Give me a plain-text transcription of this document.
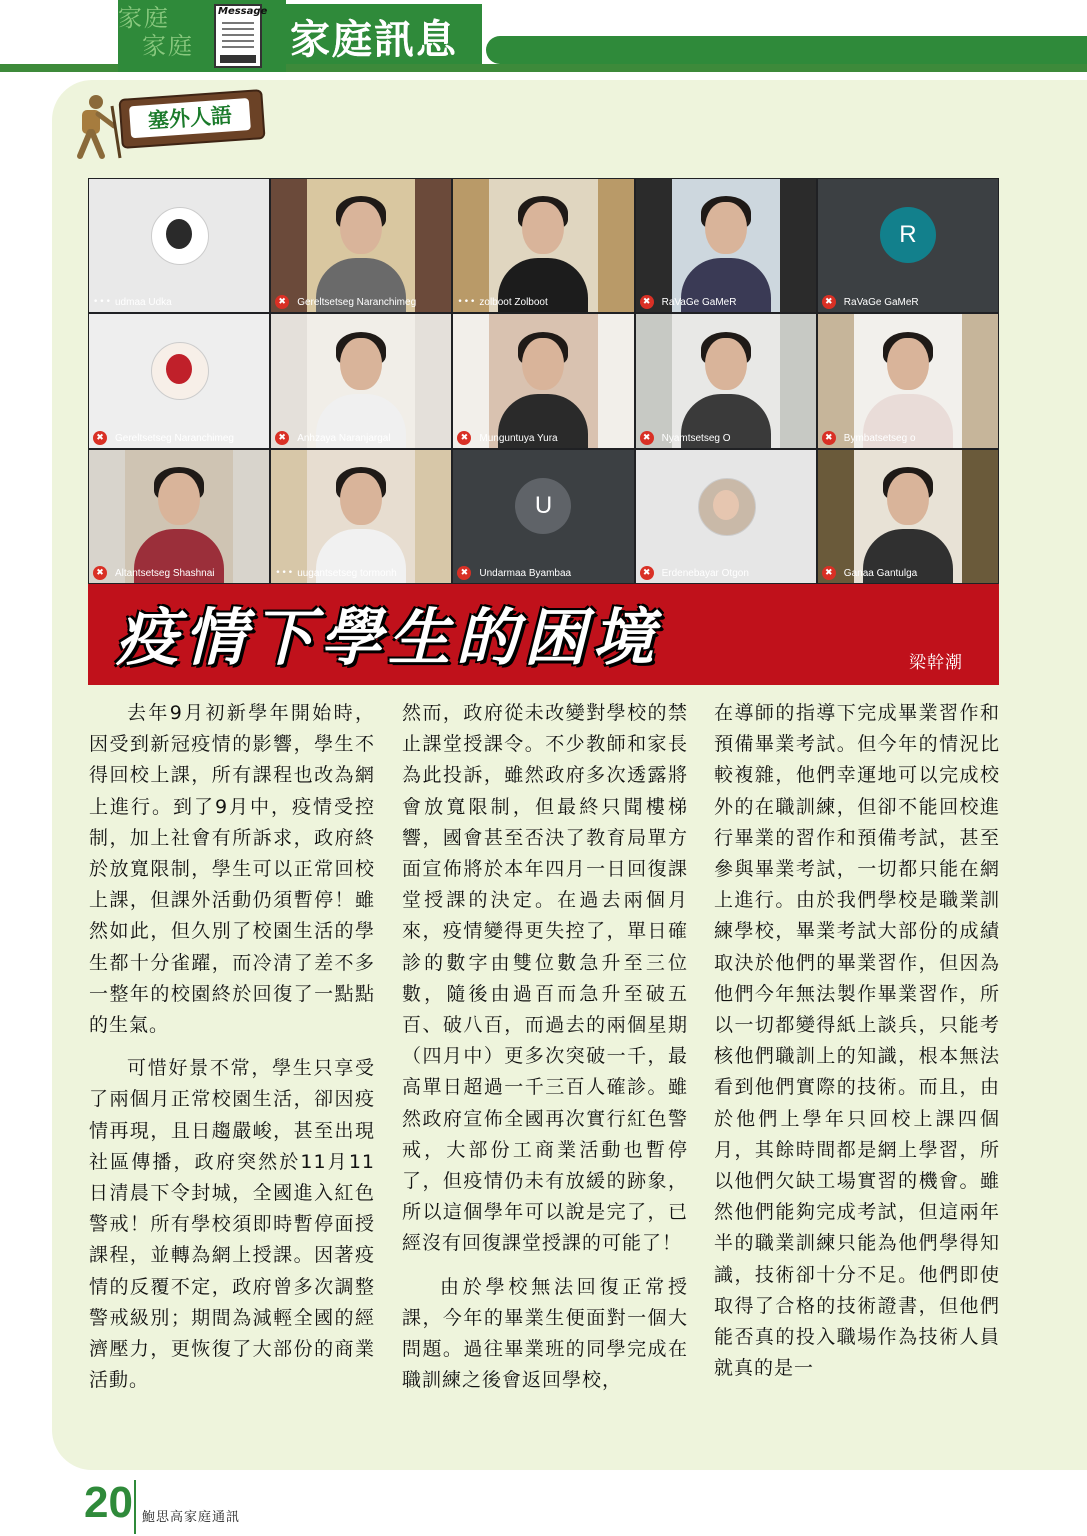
家庭
家庭
Message
家庭訊息
塞外人語
••• udmaa Udka	✖	Gereltsetseg Naranchimeg	••• zolboot Zolboot	✖	RaVaGe GaMeR
R
✖	RaVaGe GaMeR
✖	Gereltsetseg Naranchimeg	✖	Anhzaya Naranjargal	✖	Munguntuya Yura	✖	Nyamtsetseg O	✖	Bymbatsetseg o
✖	Altantsetseg Shashnai	••• uugantsetseg tormonh
U
✖	Undarmaa Byambaa	✖	Erdenebayar Otgon	✖	Ganaa Gantulga
疫情下學生的困境	梁幹潮

去年9月初新學年開始時，因受到新冠疫情的影響，學生不得回校上課，所有課程也改為網上進行。到了9月中，疫情受控制，加上社會有所訴求，政府終於放寬限制，學生可以正常回校上課，但課外活動仍須暫停！雖然如此，但久別了校園生活的學生都十分雀躍，而冷清了差不多一整年的校園終於回復了一點點的生氣。

可惜好景不常，學生只享受了兩個月正常校園生活，卻因疫情再現，且日趨嚴峻，甚至出現社區傳播，政府突然於11月11日清晨下令封城，全國進入紅色警戒！所有學校須即時暫停面授課程，並轉為網上授課。因著疫情的反覆不定，政府曾多次調整警戒級別；期間為減輕全國的經濟壓力，更恢復了大部份的商業活動。

然而，政府從未改變對學校的禁止課堂授課令。不少教師和家長為此投訴，雖然政府多次透露將會放寬限制，但最終只聞樓梯響，國會甚至否決了教育局單方面宣佈將於本年四月一日回復課堂授課的決定。在過去兩個月來，疫情變得更失控了，單日確診的數字由雙位數急升至三位數，隨後由過百而急升至破五百、破八百，而過去的兩個星期（四月中）更多次突破一千，最高單日超過一千三百人確診。雖然政府宣佈全國再次實行紅色警戒，大部份工商業活動也暫停了，但疫情仍未有放緩的跡象，所以這個學年可以說是完了，已經沒有回復課堂授課的可能了！

由於學校無法回復正常授課，今年的畢業生便面對一個大問題。過往畢業班的同學完成在職訓練之後會返回學校，

在導師的指導下完成畢業習作和預備畢業考試。但今年的情況比較複雜，他們幸運地可以完成校外的在職訓練，但卻不能回校進行畢業的習作和預備考試，甚至參與畢業考試，一切都只能在網上進行。由於我們學校是職業訓練學校，畢業考試大部份的成績取決於他們的畢業習作，但因為他們今年無法製作畢業習作，所以一切都變得紙上談兵，只能考核他們職訓上的知識，根本無法看到他們實際的技術。而且，由於他們上學年只回校上課四個月，其餘時間都是網上學習，所以他們欠缺工場實習的機會。雖然他們能夠完成考試，但這兩年半的職業訓練只能為他們學得知識，技術卻十分不足。他們即使取得了合格的技術證書，但他們能否真的投入職場作為技術人員就真的是一

20 鮑思高家庭通訊
